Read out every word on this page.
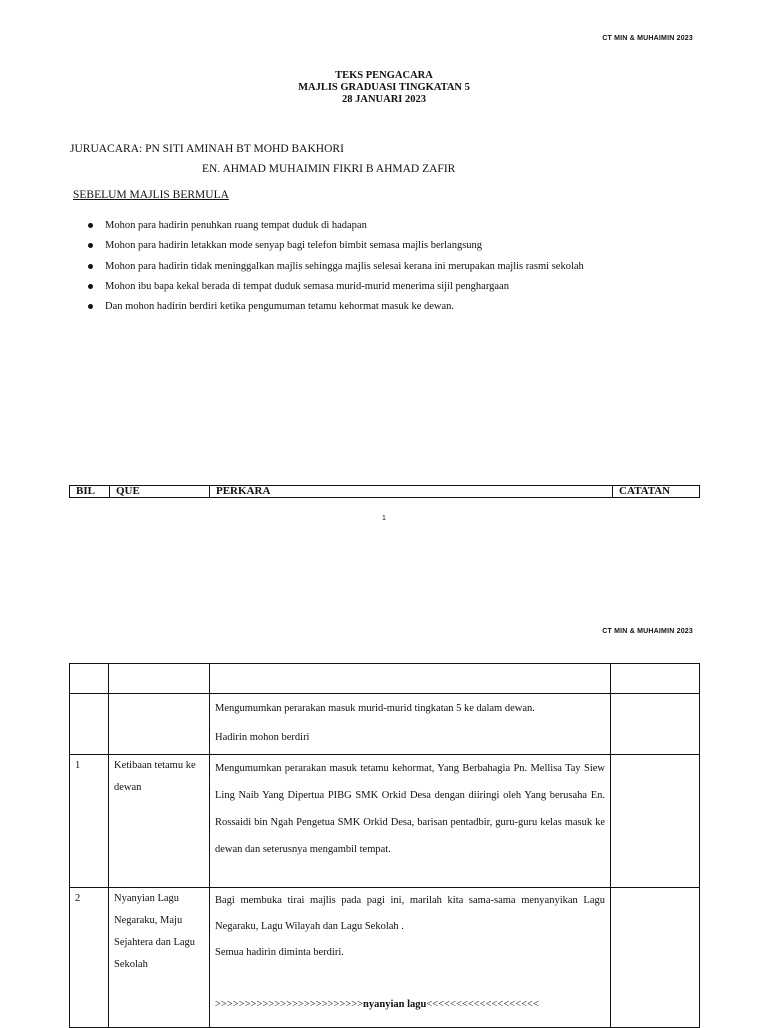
CT MIN & MUHAIMIN 2023
TEKS PENGACARA
MAJLIS GRADUASI TINGKATAN 5
28 JANUARI 2023
JURUACARA: PN SITI AMINAH BT MOHD BAKHORI
EN. AHMAD MUHAIMIN FIKRI B AHMAD ZAFIR
SEBELUM MAJLIS BERMULA
Mohon para hadirin penuhkan ruang tempat duduk di hadapan
Mohon para hadirin letakkan mode senyap bagi telefon bimbit semasa majlis berlangsung
Mohon para hadirin tidak meninggalkan majlis sehingga majlis selesai kerana ini merupakan majlis rasmi sekolah
Mohon ibu bapa kekal berada di tempat duduk semasa murid-murid menerima sijil penghargaan
Dan mohon hadirin berdiri ketika pengumuman tetamu kehormat masuk ke dewan.
BIL	QUE	PERKARA	CATATAN
1
CT MIN & MUHAIMIN 2023

		Mengumumkan perarakan masuk murid-murid tingkatan 5 ke dalam dewan.
Hadirin mohon berdiri	

1	Ketibaan tetamu ke dewan	Mengumumkan perarakan masuk tetamu kehormat, Yang Berbahagia Pn. Mellisa Tay Siew Ling Naib Yang Dipertua PIBG SMK Orkid Desa dengan diiringi oleh Yang berusaha En. Rossaidi bin Ngah Pengetua SMK Orkid Desa, barisan pentadbir, guru-guru kelas masuk ke dewan dan seterusnya mengambil tempat.	

2	Nyanyian Lagu Negaraku, Maju Sejahtera dan Lagu Sekolah	Bagi membuka tirai majlis pada pagi ini, marilah kita sama-sama menyanyikan Lagu Negaraku, Lagu Wilayah dan Lagu Sekolah .
Semua hadirin diminta berdiri.

>>>>>>>>>>>>>>>>>>>>>>>>>nyanyian lagu<<<<<<<<<<<<<<<<<<<	
